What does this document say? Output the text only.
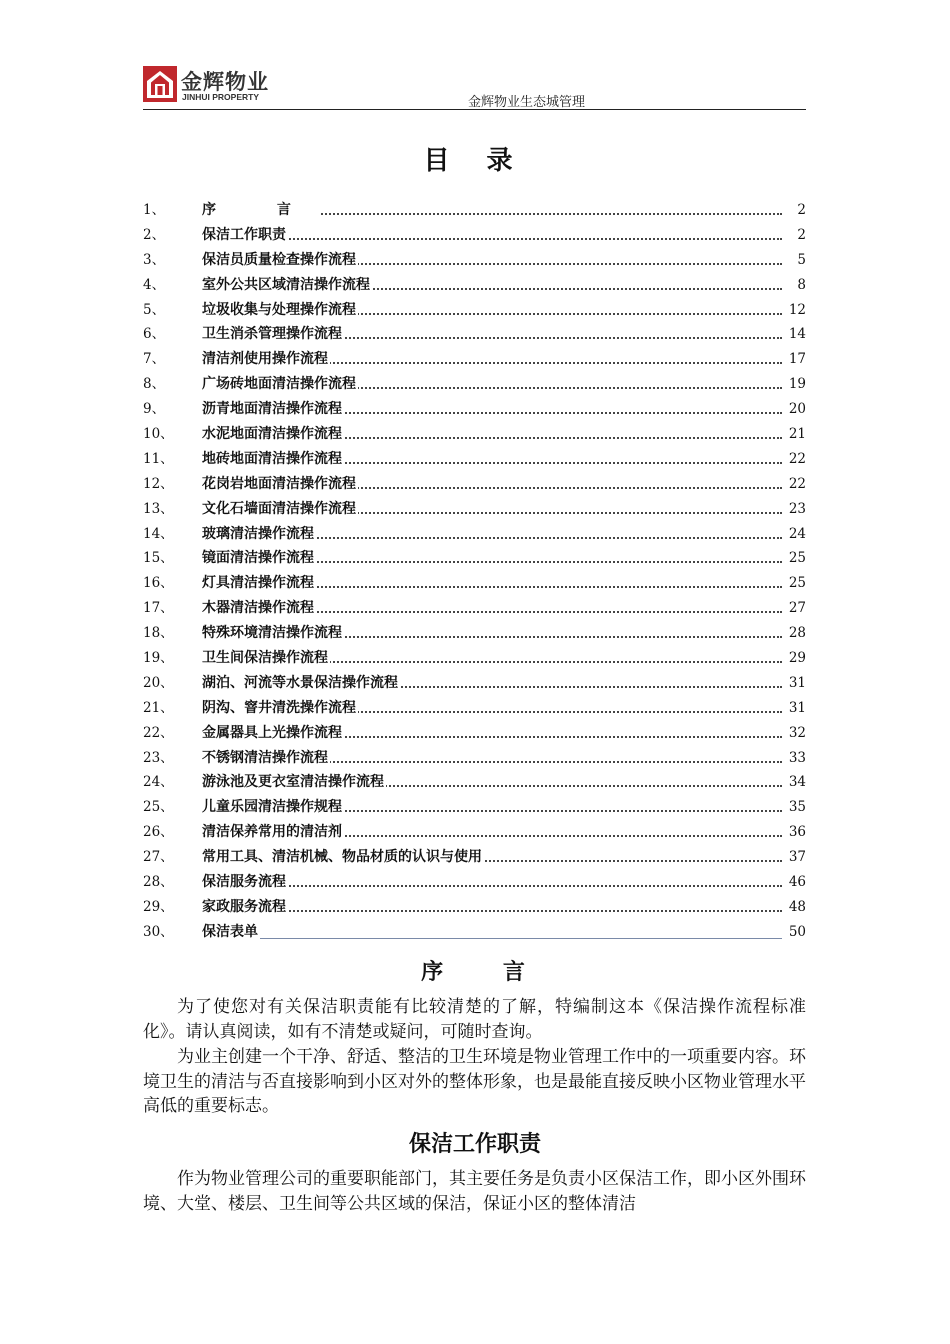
金辉物业
JINHUI PROPERTY	金辉物业生态城管理
目 录
1、	序 言	2
2、	保洁工作职责	2
3、	保洁员质量检查操作流程	5
4、	室外公共区域清洁操作流程	8
5、	垃圾收集与处理操作流程	12
6、	卫生消杀管理操作流程	14
7、	清洁剂使用操作流程	17
8、	广场砖地面清洁操作流程	19
9、	沥青地面清洁操作流程	20
10、	水泥地面清洁操作流程	21
11、	地砖地面清洁操作流程	22
12、	花岗岩地面清洁操作流程	22
13、	文化石墙面清洁操作流程	23
14、	玻璃清洁操作流程	24
15、	镜面清洁操作流程	25
16、	灯具清洁操作流程	25
17、	木器清洁操作流程	27
18、	特殊环境清洁操作流程	28
19、	卫生间保洁操作流程	29
20、	湖泊、河流等水景保洁操作流程	31
21、	阴沟、窨井清洗操作流程	31
22、	金属器具上光操作流程	32
23、	不锈钢清洁操作流程	33
24、	游泳池及更衣室清洁操作流程	34
25、	儿童乐园清洁操作规程	35
26、	清洁保养常用的清洁剂	36
27、	常用工具、清洁机械、物品材质的认识与使用	37
28、	保洁服务流程	46
29、	家政服务流程	48
30、	保洁表单	50
序 言
为了使您对有关保洁职责能有比较清楚的了解，特编制这本《保洁操作流程标准化》。请认真阅读，如有不清楚或疑问，可随时查询。
为业主创建一个干净、舒适、整洁的卫生环境是物业管理工作中的一项重要内容。环境卫生的清洁与否直接影响到小区对外的整体形象，也是最能直接反映小区物业管理水平高低的重要标志。
保洁工作职责
作为物业管理公司的重要职能部门，其主要任务是负责小区保洁工作，即小区外围环境、大堂、楼层、卫生间等公共区域的保洁，保证小区的整体清洁
